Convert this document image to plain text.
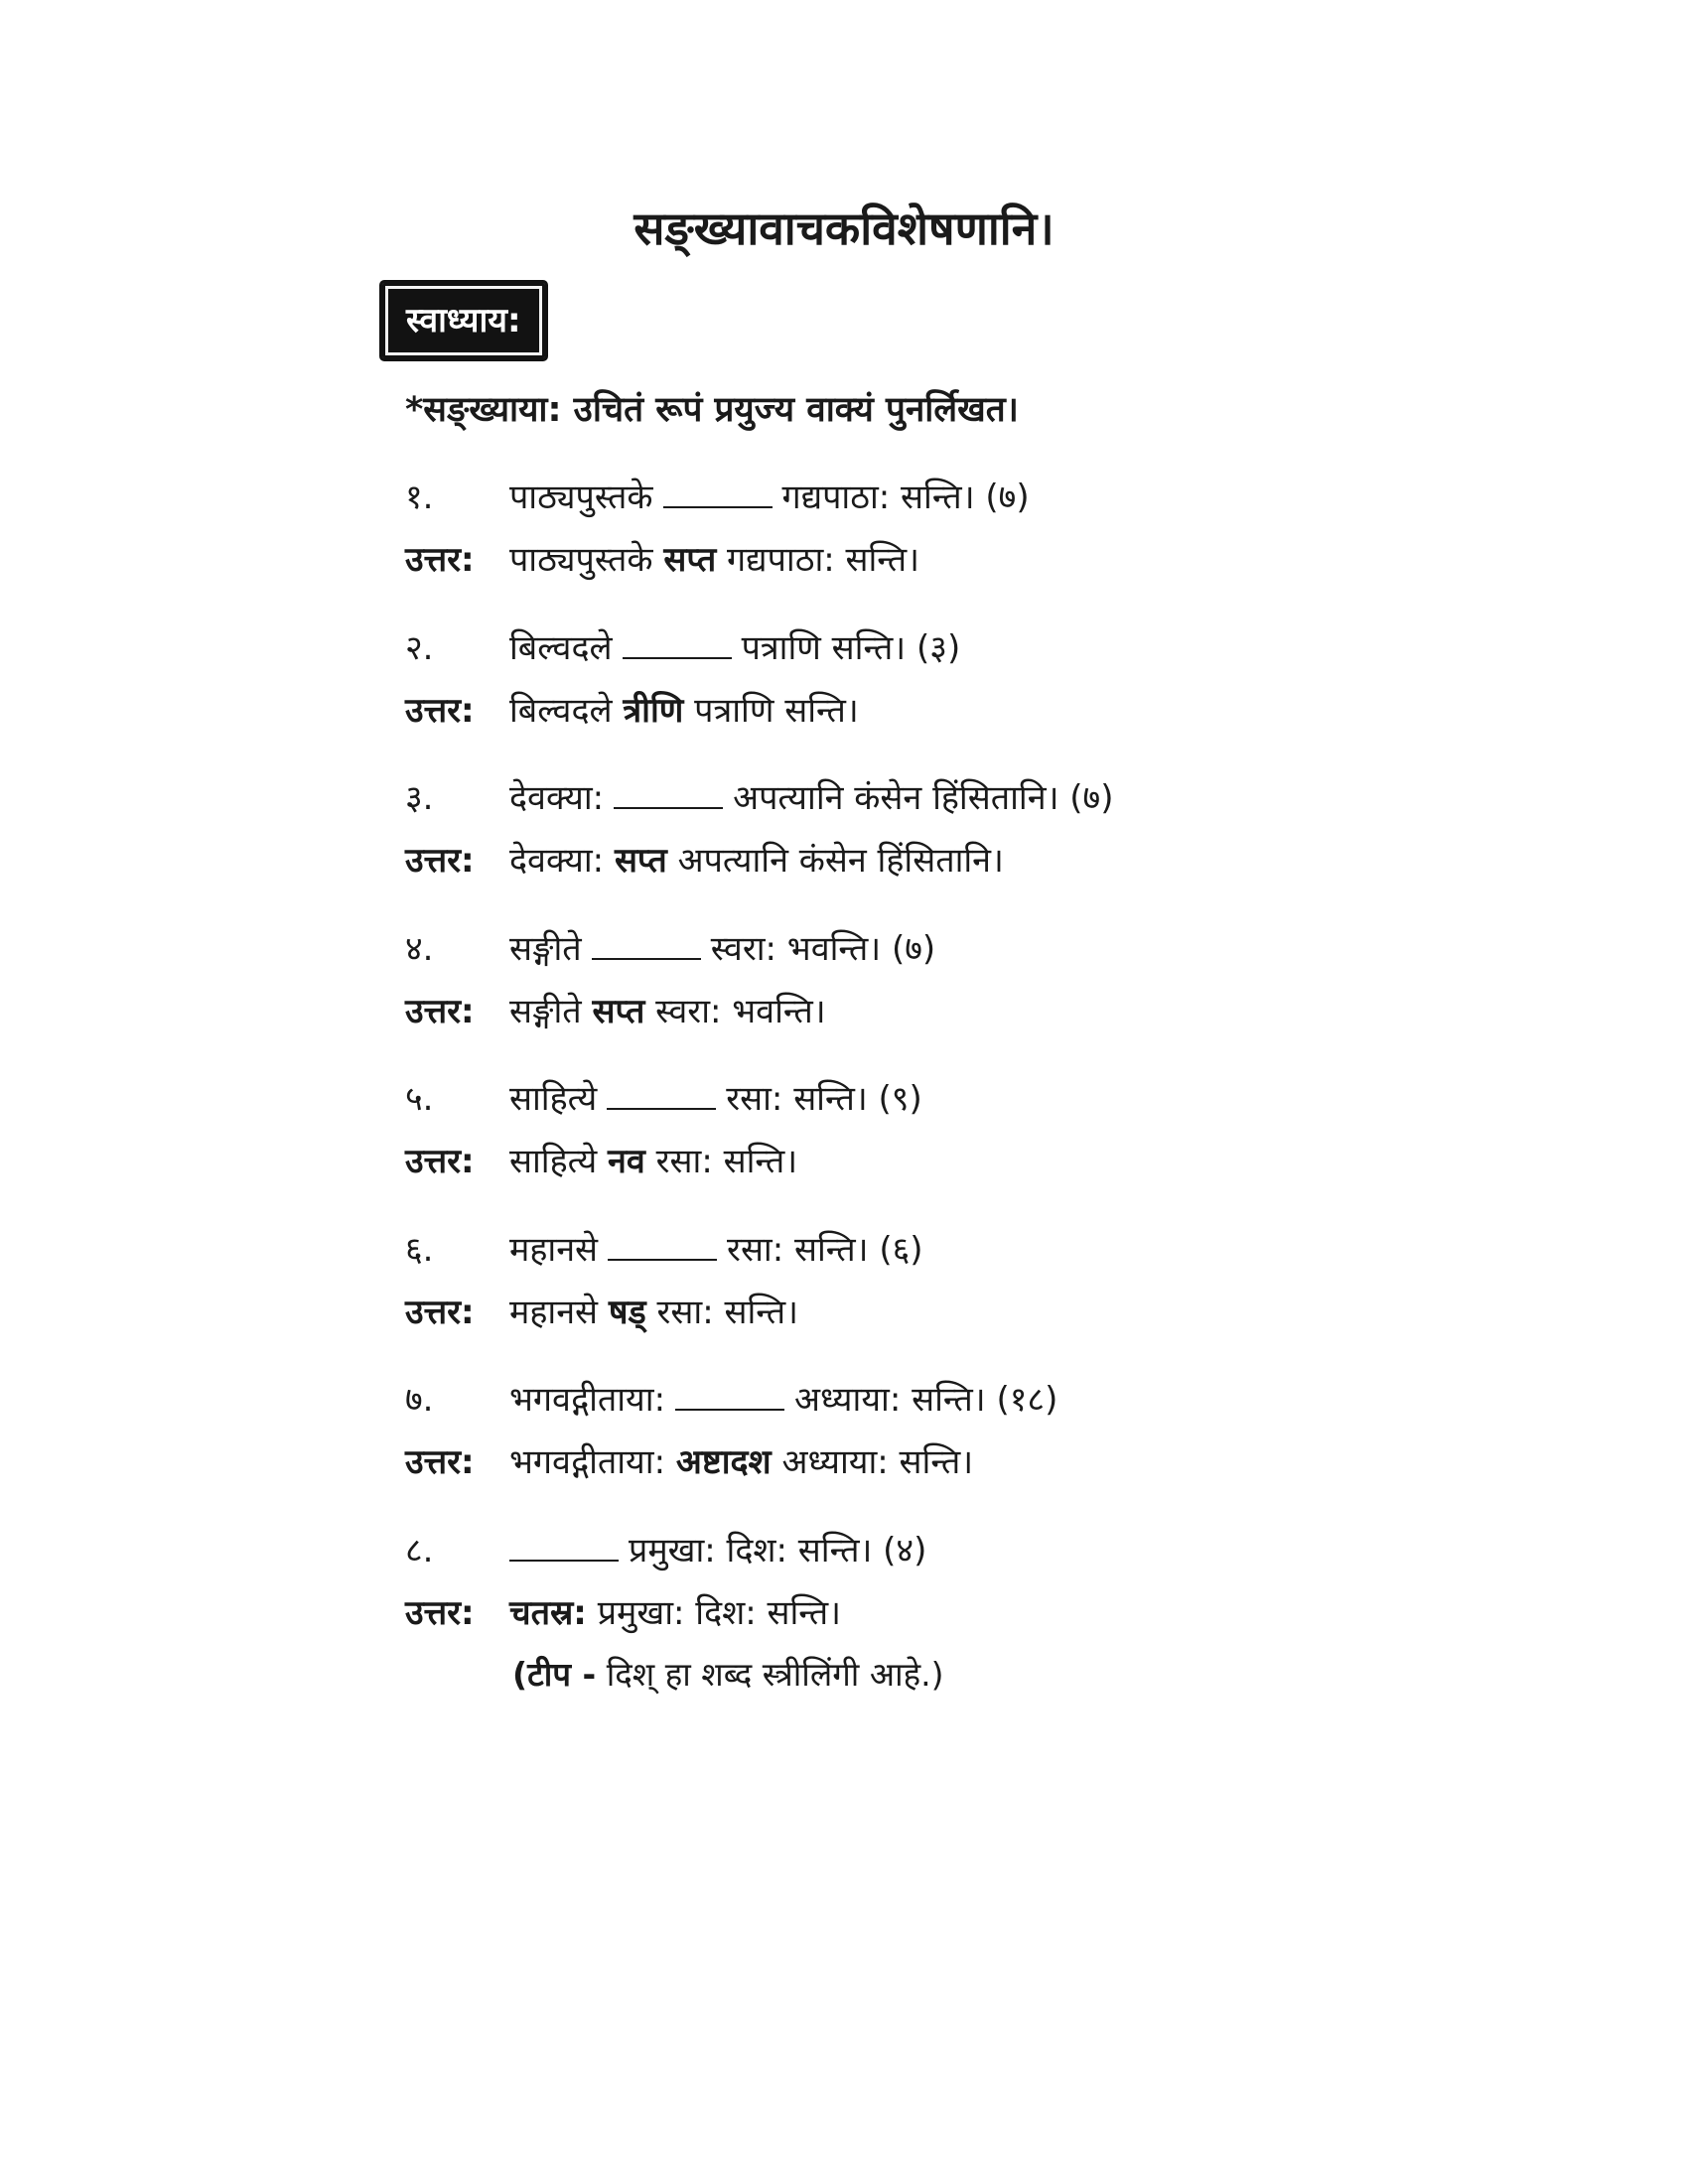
सङ्ख्यावाचकविशेषणानि।
स्वाध्याय:
*सङ्ख्याया: उचितं रूपं प्रयुज्य वाक्यं पुनर्लिखत।
१.	पाठ्यपुस्तके	गद्यपाठा: सन्ति। (७)
उत्तर: पाठ्यपुस्तके सप्त गद्यपाठा: सन्ति।
२.	बिल्वदले	पत्राणि सन्ति। (३)
उत्तर: बिल्वदले त्रीणि पत्राणि सन्ति।
३.	देवक्या:	अपत्यानि कंसेन हिंसितानि। (७)
उत्तर: देवक्या: सप्त अपत्यानि कंसेन हिंसितानि।
४.	सङ्गीते	स्वरा: भवन्ति। (७)
उत्तर: सङ्गीते सप्त स्वरा: भवन्ति।
५.	साहित्ये	रसा: सन्ति। (९)
उत्तर: साहित्ये नव रसा: सन्ति।
६.	महानसे	रसा: सन्ति। (६)
उत्तर: महानसे षड् रसा: सन्ति।
७.	भगवद्गीताया:	अध्याया: सन्ति। (१८)
उत्तर: भगवद्गीताया: अष्टादश अध्याया: सन्ति।
८.	प्रमुखा: दिश: सन्ति। (४)
उत्तर: चतस्र: प्रमुखा: दिश: सन्ति।
(टीप - दिश् हा शब्द स्त्रीलिंगी आहे.)
